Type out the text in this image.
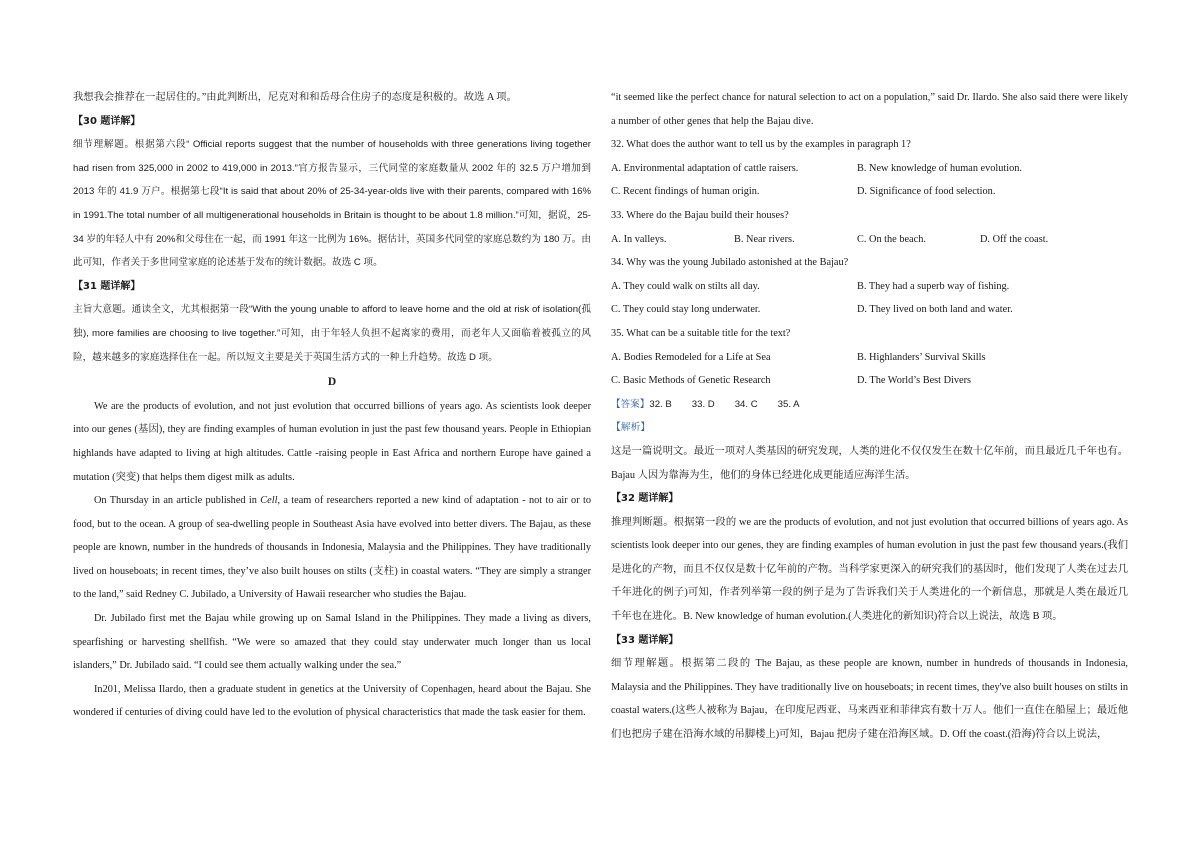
我想我会推荐在一起居住的。”由此判断出，尼克对和和岳母合住房子的态度是积极的。故选 A 项。

【30 题详解】

细节理解题。根据第六段“ Official reports suggest that the number of households with three generations living together had risen from 325,000 in 2002 to 419,000 in 2013.”官方报告显示，三代同堂的家庭数量从 2002 年的 32.5 万户增加到 2013 年的 41.9 万户。根据第七段“It is said that about 20% of 25-34-year-olds live with their parents, compared with 16% in 1991.The total number of all multigenerational households in Britain is thought to be about 1.8 million.”可知，据说，25-34 岁的年轻人中有 20%和父母住在一起，而 1991 年这一比例为 16%。据估计，英国多代同堂的家庭总数约为 180 万。由此可知，作者关于多世同堂家庭的论述基于发布的统计数据。故选 C 项。

【31 题详解】

主旨大意题。通读全文，尤其根据第一段“With the young unable to afford to leave home and the old at risk of isolation(孤独), more families are choosing to live together.”可知，由于年轻人负担不起离家的费用，而老年人又面临着被孤立的风险，越来越多的家庭选择住在一起。所以短文主要是关于英国生活方式的一种上升趋势。故选 D 项。

D

We are the products of evolution, and not just evolution that occurred billions of years ago. As scientists look deeper into our genes (基因), they are finding examples of human evolution in just the past few thousand years. People in Ethiopian highlands have adapted to living at high altitudes. Cattle -raising people in East Africa and northern Europe have gained a mutation (突变) that helps them digest milk as adults.

On Thursday in an article published in Cell, a team of researchers reported a new kind of adaptation - not to air or to food, but to the ocean. A group of sea-dwelling people in Southeast Asia have evolved into better divers. The Bajau, as these people are known, number in the hundreds of thousands in Indonesia, Malaysia and the Philippines. They have traditionally lived on houseboats; in recent times, they’ve also built houses on stilts (支柱) in coastal waters. “They are simply a stranger to the land,” said Redney C. Jubilado, a University of Hawaii researcher who studies the Bajau.

Dr. Jubilado first met the Bajau while growing up on Samal Island in the Philippines. They made a living as divers, spearfishing or harvesting shellfish. “We were so amazed that they could stay underwater much longer than us local islanders,” Dr. Jubilado said. “I could see them actually walking under the sea.”

In201, Melissa Ilardo, then a graduate student in genetics at the University of Copenhagen, heard about the Bajau. She wondered if centuries of diving could have led to the evolution of physical characteristics that made the task easier for them.

“it seemed like the perfect chance for natural selection to act on a population,” said Dr. Ilardo. She also said there were likely a number of other genes that help the Bajau dive.

32. What does the author want to tell us by the examples in paragraph 1?

A. Environmental adaptation of cattle raisers.	B. New knowledge of human evolution.
C. Recent findings of human origin.	D. Significance of food selection.

33. Where do the Bajau build their houses?

A. In valleys.	B. Near rivers.	C. On the beach.	D. Off the coast.

34. Why was the young Jubilado astonished at the Bajau?

A. They could walk on stilts all day.	B. They had a superb way of fishing.
C. They could stay long underwater.	D. They lived on both land and water.

35. What can be a suitable title for the text?

A. Bodies Remodeled for a Life at Sea	B. Highlanders’ Survival Skills
C. Basic Methods of Genetic Research	D. The World’s Best Divers

【答案】32. B 33. D 34. C 35. A

【解析】

这是一篇说明文。最近一项对人类基因的研究发现，人类的进化不仅仅发生在数十亿年前，而且最近几千年也有。Bajau 人因为靠海为生，他们的身体已经进化成更能适应海洋生活。

【32 题详解】

推理判断题。根据第一段的 we are the products of evolution, and not just evolution that occurred billions of years ago. As scientists look deeper into our genes, they are finding examples of human evolution in just the past few thousand years.(我们是进化的产物，而且不仅仅是数十亿年前的产物。当科学家更深入的研究我们的基因时，他们发现了人类在过去几千年进化的例子)可知，作者列举第一段的例子是为了告诉我们关于人类进化的一个新信息，那就是人类在最近几千年也在进化。B. New knowledge of human evolution.(人类进化的新知识)符合以上说法，故选 B 项。

【33 题详解】

细节理解题。根据第二段的 The Bajau, as these people are known, number in hundreds of thousands in Indonesia, Malaysia and the Philippines. They have traditionally live on houseboats; in recent times, they've also built houses on stilts in coastal waters.(这些人被称为 Bajau，在印度尼西亚、马来西亚和菲律宾有数十万人。他们一直住在船屋上；最近他们也把房子建在沿海水域的吊脚楼上)可知，Bajau 把房子建在沿海区域。D. Off the coast.(沿海)符合以上说法，
